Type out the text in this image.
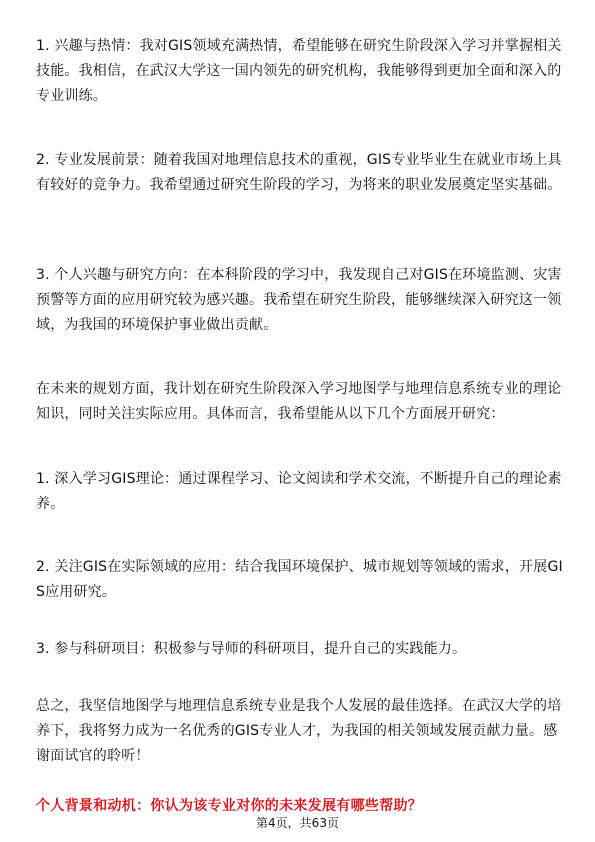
1. 兴趣与热情：我对GIS领域充满热情，希望能够在研究生阶段深入学习并掌握相关技能。我相信，在武汉大学这一国内领先的研究机构，我能够得到更加全面和深入的专业训练。

2. 专业发展前景：随着我国对地理信息技术的重视，GIS专业毕业生在就业市场上具有较好的竞争力。我希望通过研究生阶段的学习，为将来的职业发展奠定坚实基础。

3. 个人兴趣与研究方向：在本科阶段的学习中，我发现自己对GIS在环境监测、灾害预警等方面的应用研究较为感兴趣。我希望在研究生阶段，能够继续深入研究这一领域，为我国的环境保护事业做出贡献。

在未来的规划方面，我计划在研究生阶段深入学习地图学与地理信息系统专业的理论知识，同时关注实际应用。具体而言，我希望能从以下几个方面展开研究：

1. 深入学习GIS理论：通过课程学习、论文阅读和学术交流，不断提升自己的理论素养。

2. 关注GIS在实际领域的应用：结合我国环境保护、城市规划等领域的需求，开展GIS应用研究。

3. 参与科研项目：积极参与导师的科研项目，提升自己的实践能力。

总之，我坚信地图学与地理信息系统专业是我个人发展的最佳选择。在武汉大学的培养下，我将努力成为一名优秀的GIS专业人才，为我国的相关领域发展贡献力量。感谢面试官的聆听！

个人背景和动机：你认为该专业对你的未来发展有哪些帮助？
第4页，共63页
